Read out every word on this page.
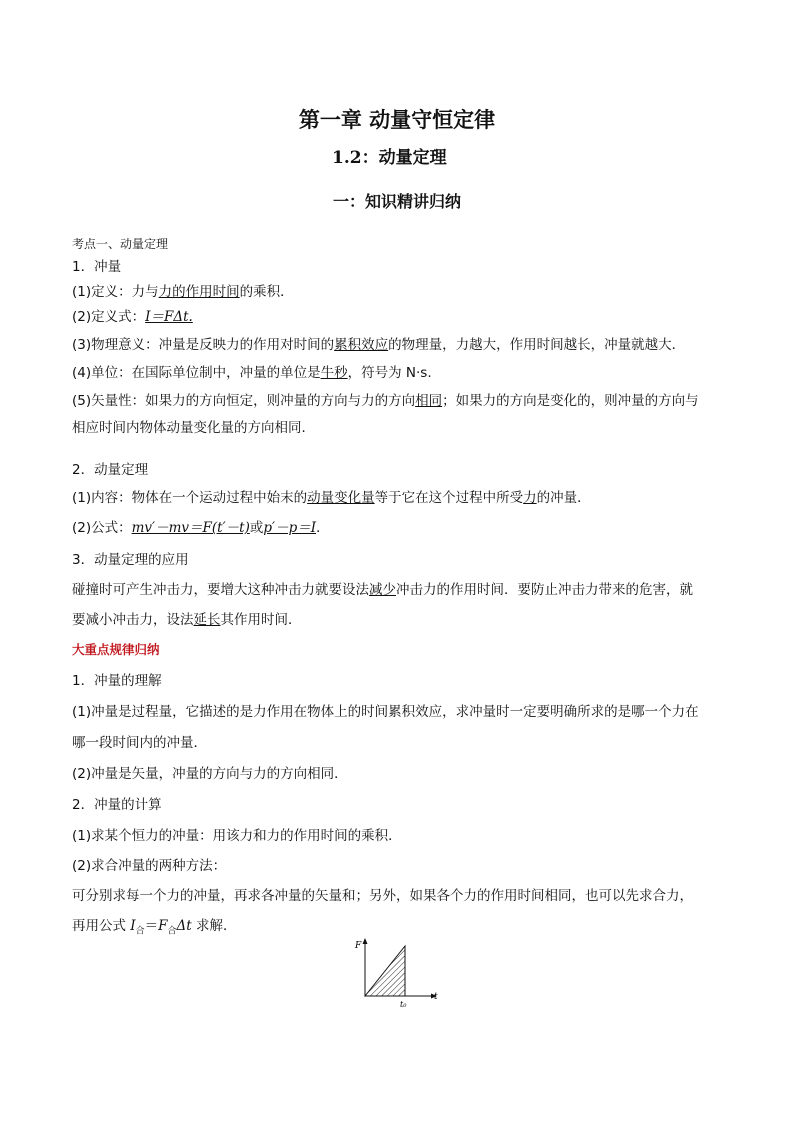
第一章 动量守恒定律
1.2：动量定理
一：知识精讲归纳
考点一、动量定理
1．冲量
(1)定义：力与力的作用时间的乘积．
(2)定义式：I＝FΔt.
(3)物理意义：冲量是反映力的作用对时间的累积效应的物理量，力越大，作用时间越长，冲量就越大．
(4)单位：在国际单位制中，冲量的单位是牛秒，符号为 N·s.
(5)矢量性：如果力的方向恒定，则冲量的方向与力的方向相同；如果力的方向是变化的，则冲量的方向与
相应时间内物体动量变化量的方向相同．
2．动量定理
(1)内容：物体在一个运动过程中始末的动量变化量等于它在这个过程中所受力的冲量．
(2)公式：mv′－mv＝F(t′－t)或p′－p＝I．
3．动量定理的应用
碰撞时可产生冲击力，要增大这种冲击力就要设法减少冲击力的作用时间．要防止冲击力带来的危害，就
要减小冲击力，设法延长其作用时间．
大重点规律归纳
1．冲量的理解
(1)冲量是过程量，它描述的是力作用在物体上的时间累积效应，求冲量时一定要明确所求的是哪一个力在
哪一段时间内的冲量．
(2)冲量是矢量，冲量的方向与力的方向相同．
2．冲量的计算
(1)求某个恒力的冲量：用该力和力的作用时间的乘积．
(2)求合冲量的两种方法：
可分别求每一个力的冲量，再求各冲量的矢量和；另外，如果各个力的作用时间相同，也可以先求合力，
再用公式 $I_合=F_合\Delta t$ 求解．
F
t
t₀
